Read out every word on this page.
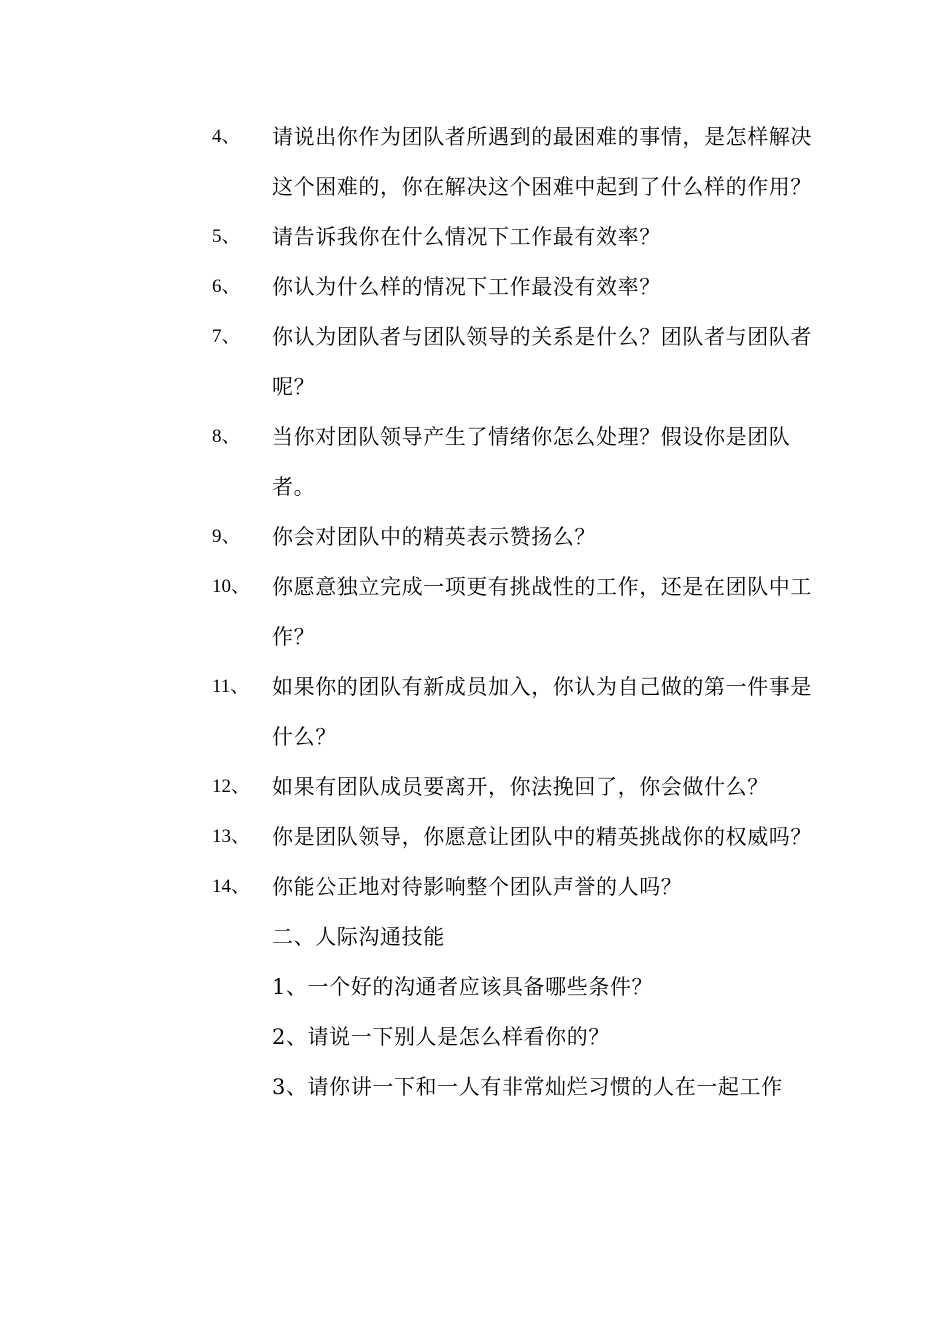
4、	请说出你作为团队者所遇到的最困难的事情，是怎样解决这个困难的，你在解决这个困难中起到了什么样的作用？
5、	请告诉我你在什么情况下工作最有效率？
6、	你认为什么样的情况下工作最没有效率？
7、	你认为团队者与团队领导的关系是什么？团队者与团队者呢？
8、	当你对团队领导产生了情绪你怎么处理？假设你是团队者。
9、	你会对团队中的精英表示赞扬么？
10、	你愿意独立完成一项更有挑战性的工作，还是在团队中工作？
11、	如果你的团队有新成员加入，你认为自己做的第一件事是什么？
12、	如果有团队成员要离开，你法挽回了，你会做什么？
13、	你是团队领导，你愿意让团队中的精英挑战你的权威吗？
14、	你能公正地对待影响整个团队声誉的人吗？
二、人际沟通技能
1、一个好的沟通者应该具备哪些条件？
2、请说一下别人是怎么样看你的？
3、请你讲一下和一人有非常灿烂习惯的人在一起工作
